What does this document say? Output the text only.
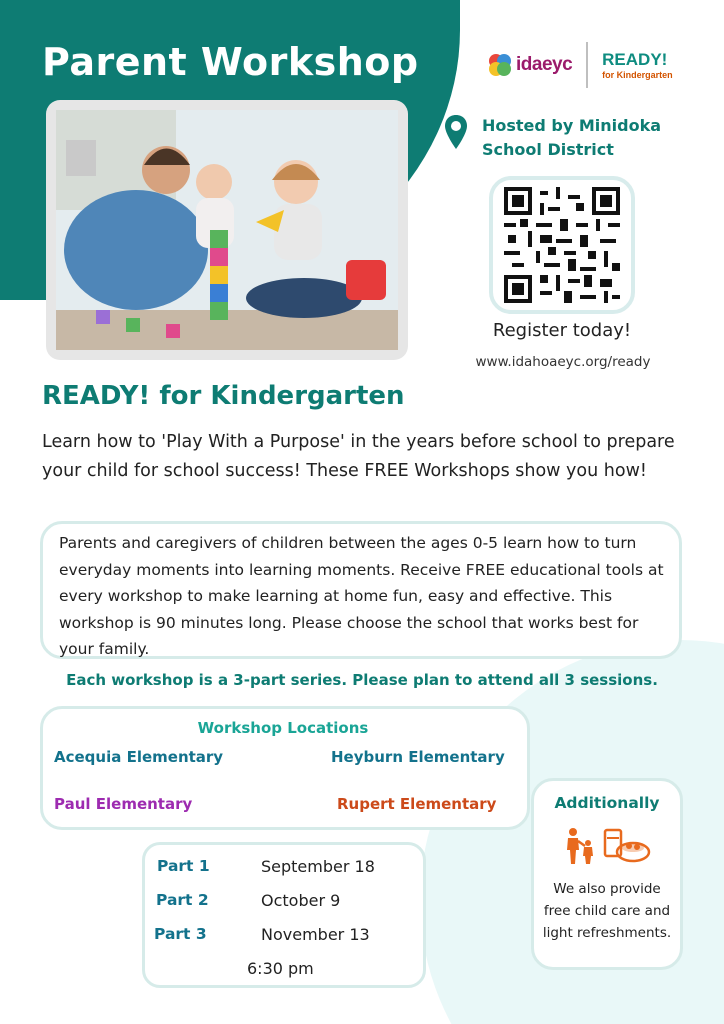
Parent Workshop	idaeyc READY!
for Kindergarten
Hosted by Minidoka
School District
Register today!
www.idahoaeyc.org/ready
READY! for Kindergarten

Learn how to 'Play With a Purpose' in the years before school to prepare your child for school success! These FREE Workshops show you how!

Parents and caregivers of children between the ages 0-5 learn how to turn everyday moments into learning moments. Receive FREE educational tools at every workshop to make learning at home fun, easy and effective. This workshop is 90 minutes long. Please choose the school that works best for your family.

Each workshop is a 3-part series. Please plan to attend all 3 sessions.
Workshop Locations
Acequia Elementary	Heyburn Elementary
Paul Elementary	Rupert Elementary	Additionally

We also provide free child care and light refreshments.

Part 1	September 18
Part 2	October 9
Part 3	November 13
6:30 pm
